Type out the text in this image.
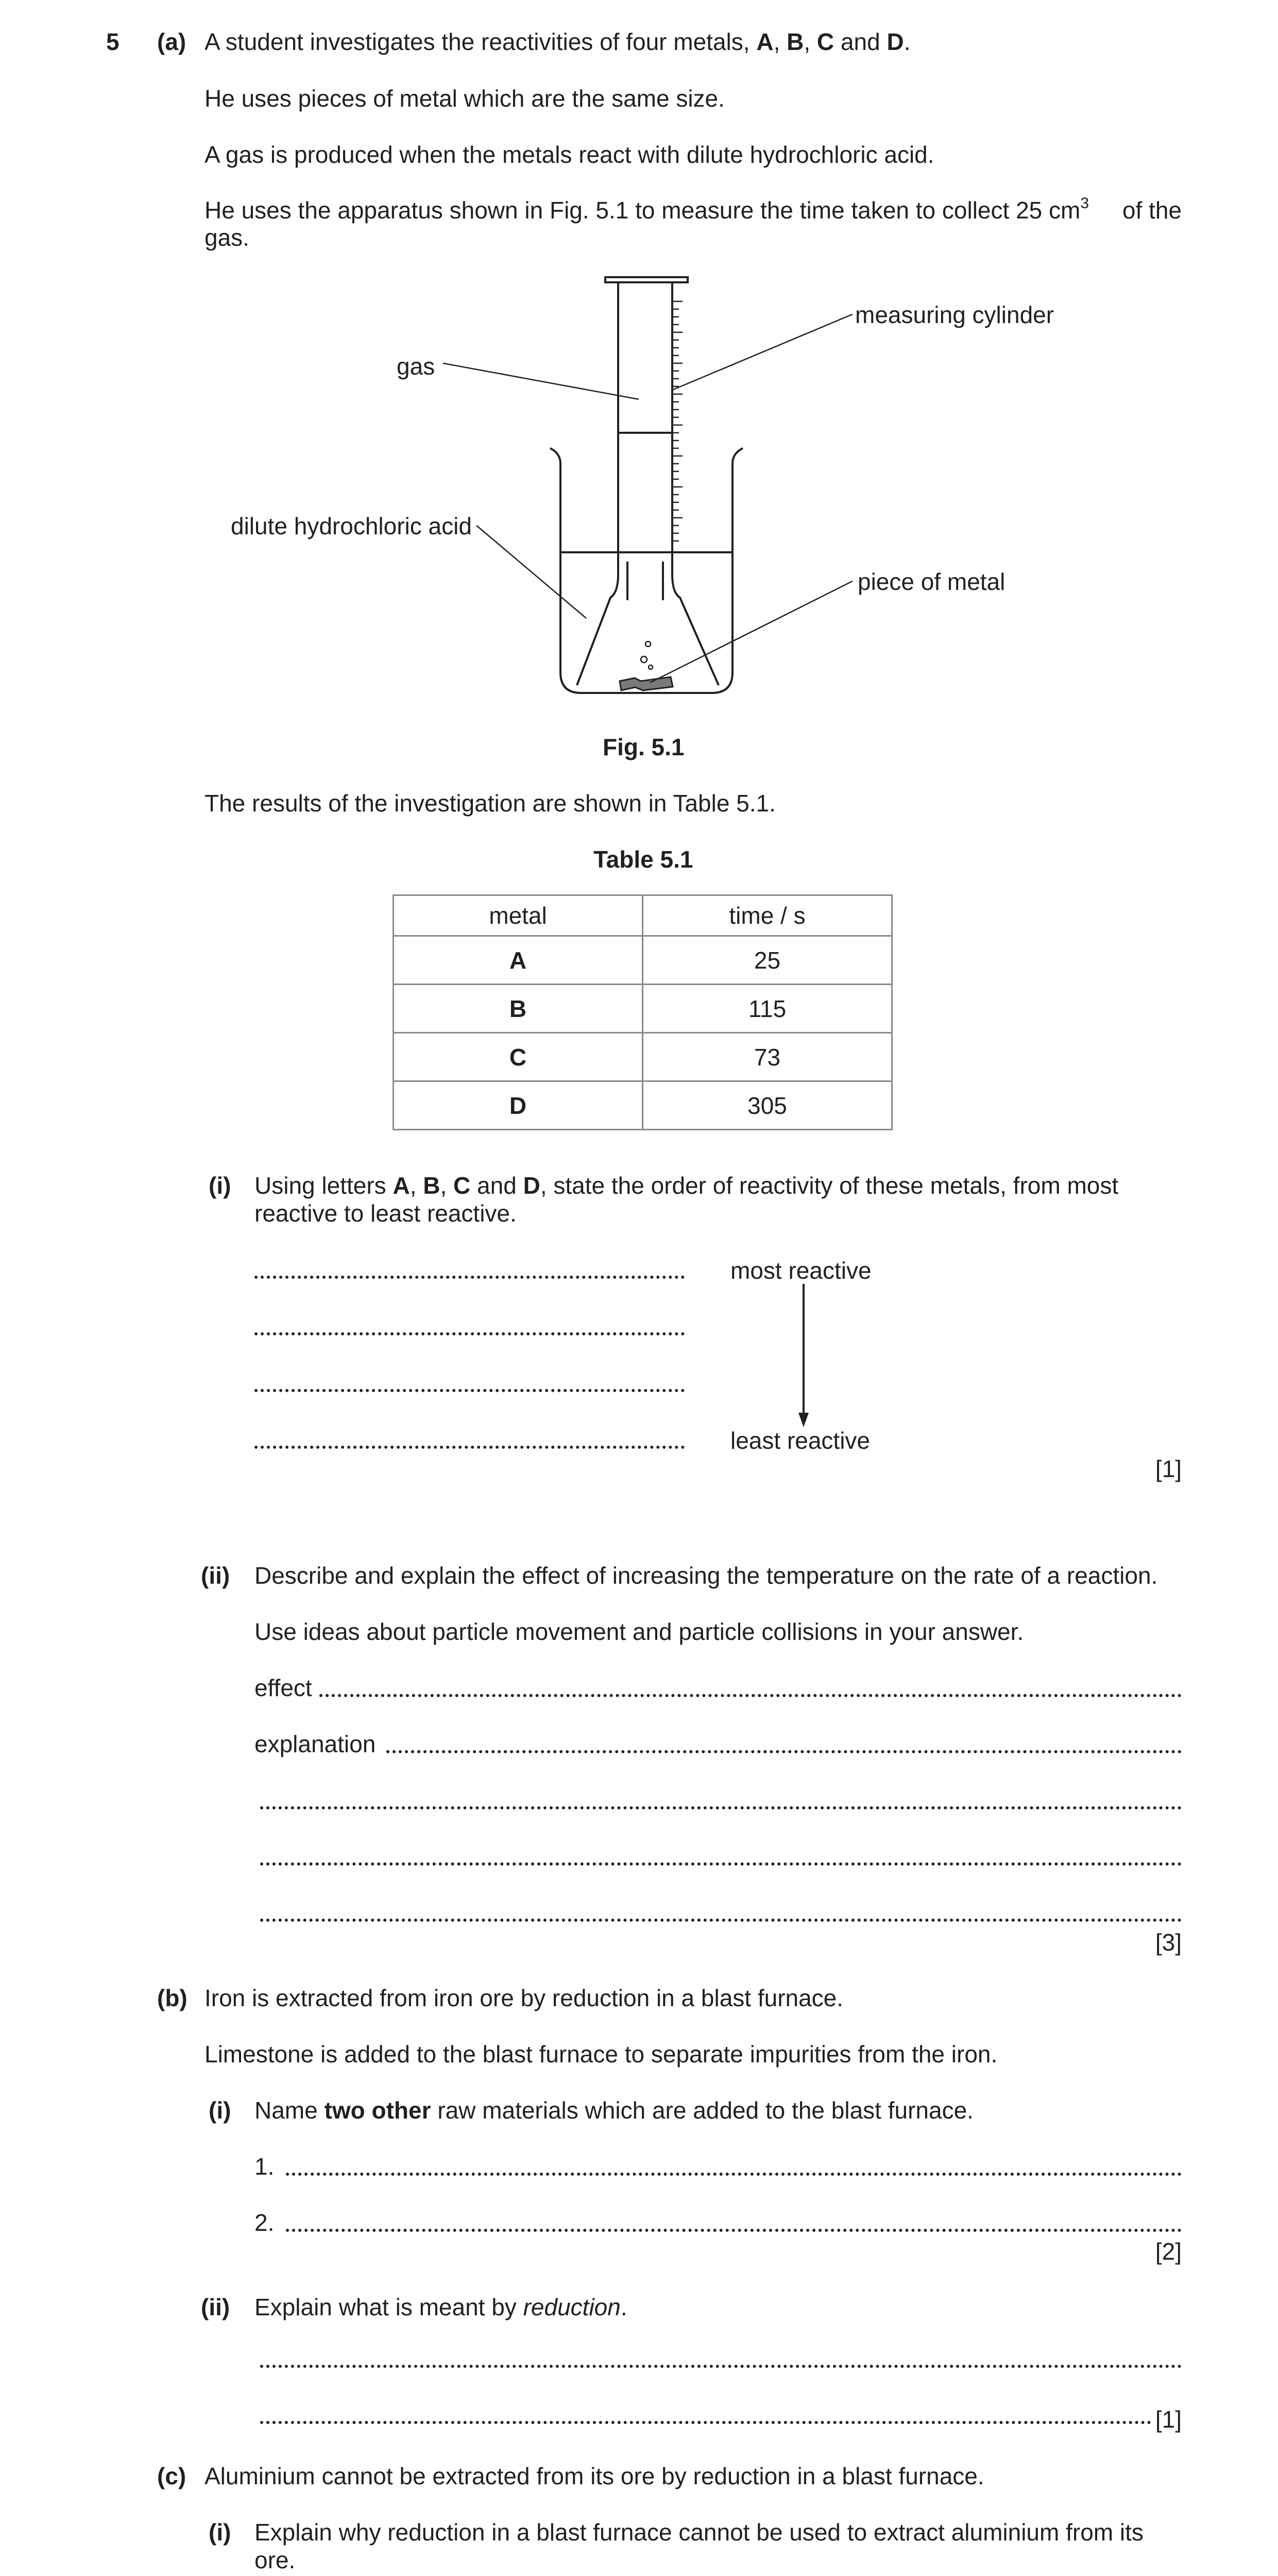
5 (a) A student investigates the reactivities of four metals, A, B, C and D.
He uses pieces of metal which are the same size.
A gas is produced when the metals react with dilute hydrochloric acid.
He uses the apparatus shown in Fig. 5.1 to measure the time taken to collect 25 $cm^3$ of the
gas.
gas
measuring cylinder
dilute hydrochloric acid
piece of metal
Fig. 5.1
The results of the investigation are shown in Table 5.1.
Table 5.1
metal	time / s
A	25
B	115
C	73
D	305
(i) Using letters A, B, C and D, state the order of reactivity of these metals, from most
reactive to least reactive.
most reactive
least reactive
[1]
(ii) Describe and explain the effect of increasing the temperature on the rate of a reaction.
Use ideas about particle movement and particle collisions in your answer.
effect
explanation
[3]
(b) Iron is extracted from iron ore by reduction in a blast furnace.
Limestone is added to the blast furnace to separate impurities from the iron.
(i) Name two other raw materials which are added to the blast furnace.
1.
2.
[2]
(ii) Explain what is meant by reduction.
[1]
(c) Aluminium cannot be extracted from its ore by reduction in a blast furnace.
(i) Explain why reduction in a blast furnace cannot be used to extract aluminium from its
ore.
